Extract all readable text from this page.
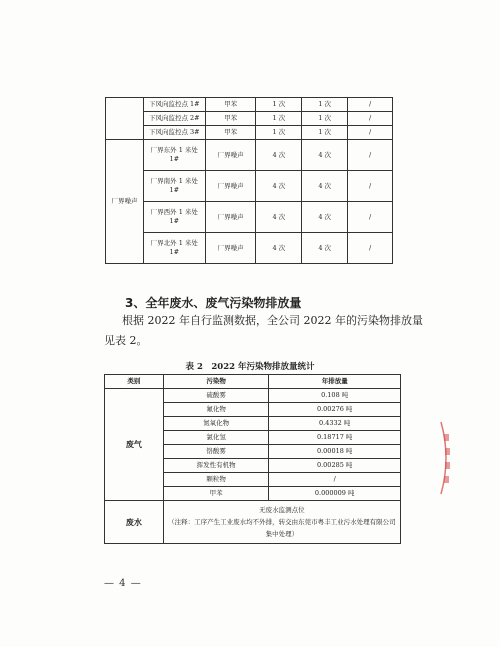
	下风向监控点 1#	甲苯	1 次	1 次	/
	下风向监控点 2#	甲苯	1 次	1 次	/
	下风向监控点 3#	甲苯	1 次	1 次	/
厂界噪声	厂界东外 1 米处
1#	厂界噪声	4 次	4 次	/
	厂界南外 1 米处
1#	厂界噪声	4 次	4 次	/
	厂界西外 1 米处
1#	厂界噪声	4 次	4 次	/
	厂界北外 1 米处
1#	厂界噪声	4 次	4 次	/
3、全年废水、废气污染物排放量
根据 2022 年自行监测数据，全公司 2022 年的污染物排放量
见表 2。
表 2　2022 年污染物排放量统计
类别	污染物	年排放量
废气	硫酸雾	0.108 吨
	氟化物	0.00276 吨
	氮氧化物	0.4332 吨
	氯化氢	0.18717 吨
	铬酸雾	0.00018 吨
	挥发性有机物	0.00285 吨
	颗粒物	/
	甲苯	0.000009 吨
废水	无废水监测点位
（注释：工序产生工业废水均不外排，转交由东莞市粤丰工业污水处理有限公司集中处理）	
— 4 —
